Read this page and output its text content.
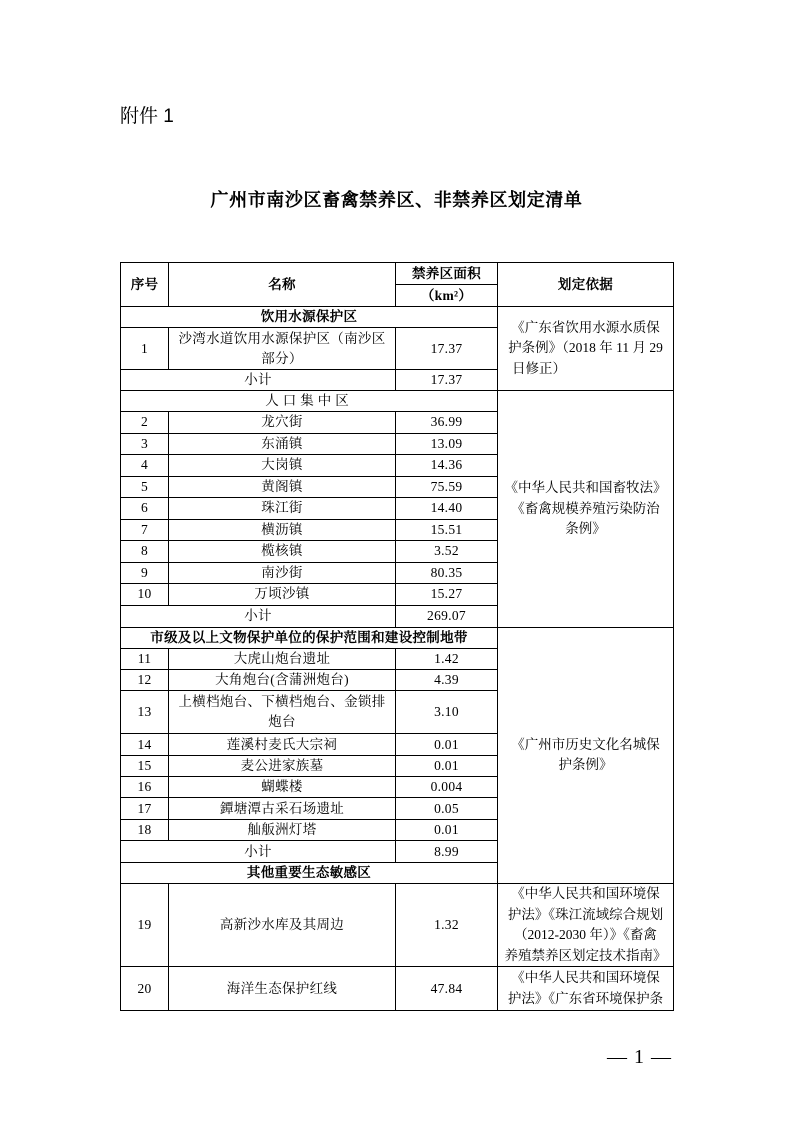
附件 1
广州市南沙区畜禽禁养区、非禁养区划定清单
序号	名称	禁养区面积	划定依据
		（km²）	
饮用水源保护区			《广东省饮用水源水质保
护条例》（2018 年 11 月 29
日修正）

1	沙湾水道饮用水源保护区（南沙区
部分）	17.37	
小计		17.37	
人口集中区			《中华人民共和国畜牧法》
《畜禽规模养殖污染防治
条例》

2	龙穴街	36.99	
3	东涌镇	13.09	
4	大岗镇	14.36	
5	黄阁镇	75.59	
6	珠江街	14.40	
7	横沥镇	15.51	
8	榄核镇	3.52	
9	南沙街	80.35	
10	万顷沙镇	15.27	
小计		269.07	
市级及以上文物保护单位的保护范围和建设控制地带			《广州市历史文化名城保
护条例》

11	大虎山炮台遗址	1.42	
12	大角炮台(含蒲洲炮台)	4.39	
13	上横档炮台、下横档炮台、金锁排
炮台	3.10	
14	莲溪村麦氏大宗祠	0.01	
15	麦公进家族墓	0.01	
16	蝴蝶楼	0.004	
17	鐔塘潭古采石场遗址	0.05	
18	舢舨洲灯塔	0.01	
小计		8.99	
其他重要生态敏感区			
19	高新沙水库及其周边	1.32	《中华人民共和国环境保
护法》《珠江流域综合规划
（2012-2030 年）》《畜禽
养殖禁养区划定技术指南》

20	海洋生态保护红线	47.84	《中华人民共和国环境保
护法》《广东省环境保护条
— 1 —
